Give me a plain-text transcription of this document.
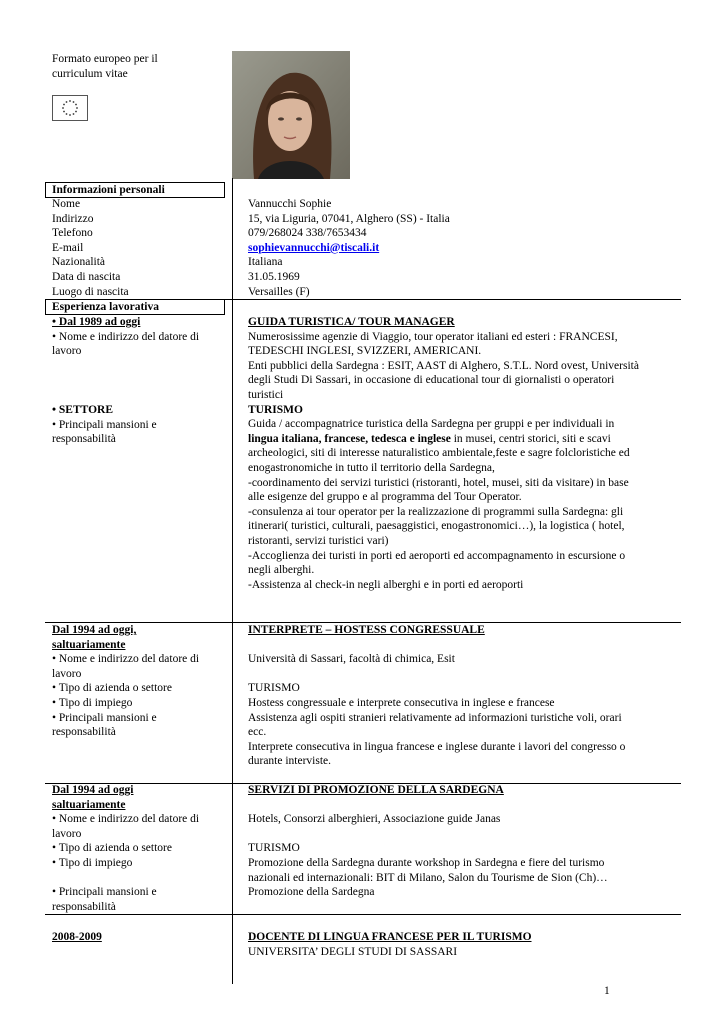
Formato europeo per il
curriculum vitae
Informazioni personali
Esperienza lavorativa
Nome
Indirizzo
Telefono
E-mail
Nazionalità
Data di nascita
Luogo di nascita
Vannucchi Sophie
15, via Liguria, 07041, Alghero (SS) - Italia
079/268024 338/7653434
sophievannucchi@tiscali.it
Italiana
31.05.1969
Versailles (F)
• Dal 1989 ad oggi
• Nome e indirizzo del datore di
lavoro
• SETTORE
• Principali mansioni e
responsabilità
GUIDA TURISTICA/ TOUR MANAGER
Numerosissime agenzie di Viaggio, tour operator italiani ed esteri : FRANCESI,
TEDESCHI INGLESI, SVIZZERI, AMERICANI.
Enti pubblici della Sardegna : ESIT, AAST di Alghero, S.T.L. Nord ovest, Università
degli Studi Di Sassari, in occasione di educational tour di giornalisti o operatori
turistici
TURISMO
Guida / accompagnatrice turistica della Sardegna per gruppi e per individuali in
lingua italiana, francese, tedesca e inglese in musei, centri storici, siti e scavi
archeologici, siti di interesse naturalistico ambientale,feste e sagre folcloristiche ed
enogastronomiche in tutto il territorio della Sardegna,
-coordinamento dei servizi turistici (ristoranti, hotel, musei, siti da visitare) in base
alle esigenze del gruppo e al programma del Tour Operator.
-consulenza ai tour operator per la realizzazione di programmi sulla Sardegna: gli
itinerari( turistici, culturali, paesaggistici, enogastronomici…), la logistica ( hotel,
ristoranti, servizi turistici vari)
-Accoglienza dei turisti in porti ed aeroporti ed accompagnamento in escursione o
negli alberghi.
-Assistenza al check-in negli alberghi e in porti ed aeroporti
Dal 1994 ad oggi,
saltuariamente
• Nome e indirizzo del datore di
lavoro
• Tipo di azienda o settore
• Tipo di impiego
• Principali mansioni e
responsabilità
INTERPRETE – HOSTESS CONGRESSUALE
Università di Sassari, facoltà di chimica, Esit
TURISMO
Hostess congressuale e interprete consecutiva in inglese e francese
Assistenza agli ospiti stranieri relativamente ad informazioni turistiche voli, orari
ecc.
Interprete consecutiva in lingua francese e inglese durante i lavori del congresso o
durante interviste.
Dal 1994 ad oggi
saltuariamente
• Nome e indirizzo del datore di
lavoro
• Tipo di azienda o settore
• Tipo di impiego
• Principali mansioni e
responsabilità
SERVIZI DI PROMOZIONE DELLA SARDEGNA
Hotels, Consorzi alberghieri, Associazione guide Janas
TURISMO
Promozione della Sardegna durante workshop in Sardegna e fiere del turismo
nazionali ed internazionali: BIT di Milano, Salon du Tourisme de Sion (Ch)…
Promozione della Sardegna
2008-2009	DOCENTE DI LINGUA FRANCESE PER IL TURISMO
UNIVERSITA’ DEGLI STUDI DI SASSARI
1
